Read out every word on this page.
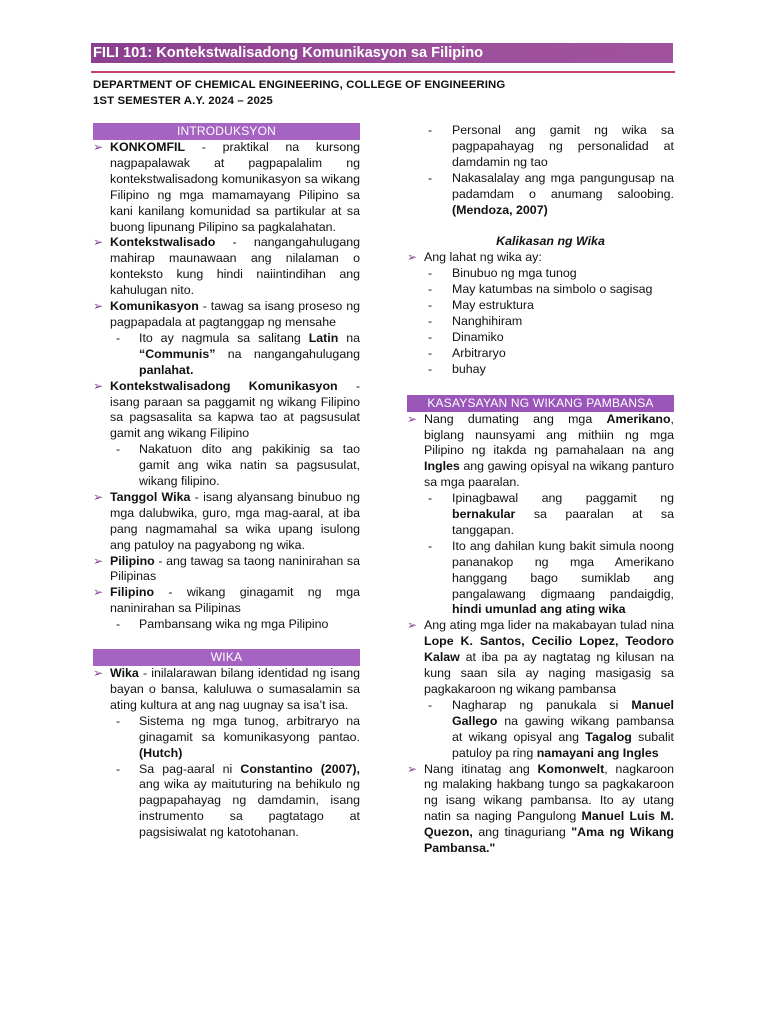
FILI 101: Kontekstwalisadong Komunikasyon sa Filipino
DEPARTMENT OF CHEMICAL ENGINEERING, COLLEGE OF ENGINEERING
1ST SEMESTER A.Y. 2024 – 2025
INTRODUKSYON
➢ KONKOMFIL - praktikal na kursong nagpapalawak at pagpapalalim ng kontekstwalisadong komunikasyon sa wikang Filipino ng mga mamamayang Pilipino sa kani kanilang komunidad sa partikular at sa buong lipunang Pilipino sa pagkalahatan.
➢ Kontekstwalisado - nangangahulugang mahirap maunawaan ang nilalaman o konteksto kung hindi naiintindihan ang kahulugan nito.
➢ Komunikasyon - tawag sa isang proseso ng pagpapadala at pagtanggap ng mensahe
- Ito ay nagmula sa salitang Latin na “Communis” na nangangahulugang panlahat.
➢ Kontekstwalisadong Komunikasyon - isang paraan sa paggamit ng wikang Filipino sa pagsasalita sa kapwa tao at pagsusulat gamit ang wikang Filipino
- Nakatuon dito ang pakikinig sa tao gamit ang wika natin sa pagsusulat, wikang filipino.
➢ Tanggol Wika - isang alyansang binubuo ng mga dalubwika, guro, mga mag-aaral, at iba pang nagmamahal sa wika upang isulong ang patuloy na pagyabong ng wika.
➢ Pilipino - ang tawag sa taong naninirahan sa Pilipinas
➢ Filipino - wikang ginagamit ng mga naninirahan sa Pilipinas
- Pambansang wika ng mga Pilipino
WIKA
➢ Wika - inilalarawan bilang identidad ng isang bayan o bansa, kaluluwa o sumasalamin sa ating kultura at ang nag uugnay sa isa’t isa.
- Sistema ng mga tunog, arbitraryo na ginagamit sa komunikasyong pantao. (Hutch)
- Sa pag-aaral ni Constantino (2007), ang wika ay maituturing na behikulo ng pagpapahayag ng damdamin, isang instrumento sa pagtatago at pagsisiwalat ng katotohanan.
- Personal ang gamit ng wika sa pagpapahayag ng personalidad at damdamin ng tao
- Nakasalalay ang mga pangungusap na padamdam o anumang saloobing. (Mendoza, 2007)
Kalikasan ng Wika
➢ Ang lahat ng wika ay:
- Binubuo ng mga tunog
- May katumbas na simbolo o sagisag
- May estruktura
- Nanghihiram
- Dinamiko
- Arbitraryo
- buhay
KASAYSAYAN NG WIKANG PAMBANSA
➢ Nang dumating ang mga Amerikano, biglang naunsyami ang mithiin ng mga Pilipino ng itakda ng pamahalaan na ang Ingles ang gawing opisyal na wikang panturo sa mga paaralan.
- Ipinagbawal ang paggamit ng bernakular sa paaralan at sa tanggapan.
- Ito ang dahilan kung bakit simula noong pananakop ng mga Amerikano hanggang bago sumiklab ang pangalawang digmaang pandaigdig, hindi umunlad ang ating wika
➢ Ang ating mga lider na makabayan tulad nina Lope K. Santos, Cecilio Lopez, Teodoro Kalaw at iba pa ay nagtatag ng kilusan na kung saan sila ay naging masigasig sa pagkakaroon ng wikang pambansa
- Nagharap ng panukala si Manuel Gallego na gawing wikang pambansa at wikang opisyal ang Tagalog subalit patuloy pa ring namayani ang Ingles
➢ Nang itinatag ang Komonwelt, nagkaroon ng malaking hakbang tungo sa pagkakaroon ng isang wikang pambansa. Ito ay utang natin sa naging Pangulong Manuel Luis M. Quezon, ang tinaguriang "Ama ng Wikang Pambansa."
